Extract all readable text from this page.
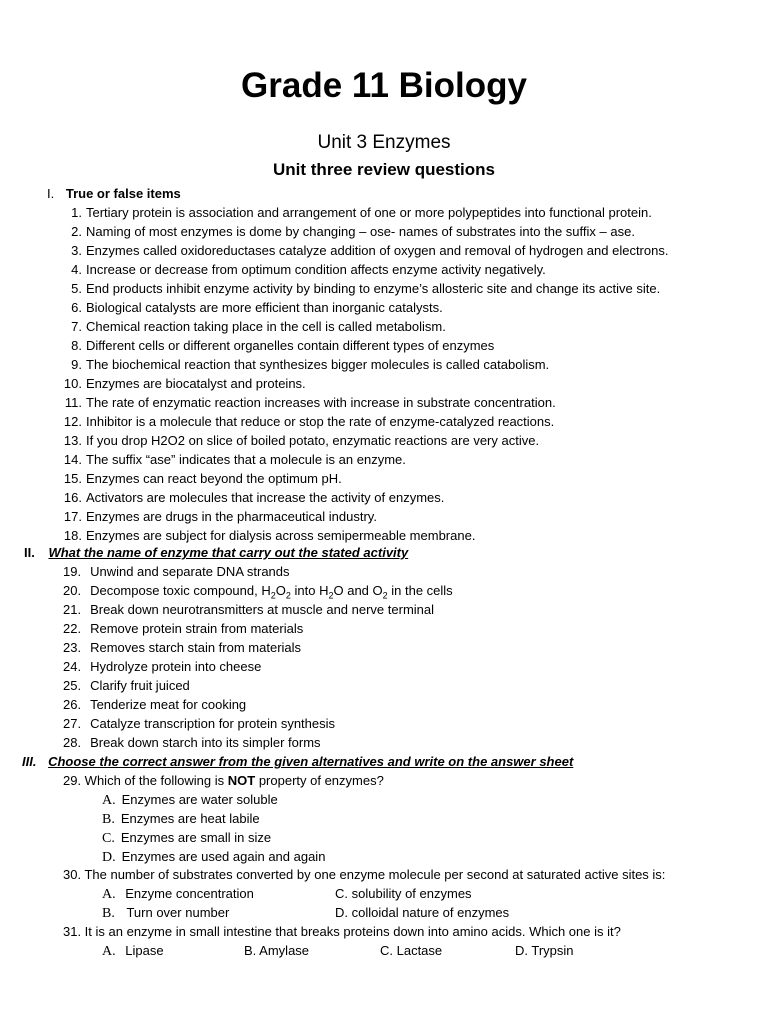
Grade 11 Biology
Unit 3 Enzymes
Unit three review questions
I. True or false items
1. Tertiary protein is association and arrangement of one or more polypeptides into functional protein.
2. Naming of most enzymes is dome by changing – ose- names of substrates into the suffix – ase.
3. Enzymes called oxidoreductases catalyze addition of oxygen and removal of hydrogen and electrons.
4. Increase or decrease from optimum condition affects enzyme activity negatively.
5. End products inhibit enzyme activity by binding to enzyme’s allosteric site and change its active site.
6. Biological catalysts are more efficient than inorganic catalysts.
7. Chemical reaction taking place in the cell is called metabolism.
8. Different cells or different organelles contain different types of enzymes
9. The biochemical reaction that synthesizes bigger molecules is called catabolism.
10. Enzymes are biocatalyst and proteins.
11. The rate of enzymatic reaction increases with increase in substrate concentration.
12. Inhibitor is a molecule that reduce or stop the rate of enzyme-catalyzed reactions.
13. If you drop H2O2 on slice of boiled potato, enzymatic reactions are very active.
14. The suffix “ase” indicates that a molecule is an enzyme.
15. Enzymes can react beyond the optimum pH.
16. Activators are molecules that increase the activity of enzymes.
17. Enzymes are drugs in the pharmaceutical industry.
18. Enzymes are subject for dialysis across semipermeable membrane.
II. What the name of enzyme that carry out the stated activity
19. Unwind and separate DNA strands
20. Decompose toxic compound, $H_2O_2$ into $H_2O$ and $O_2$ in the cells
21. Break down neurotransmitters at muscle and nerve terminal
22. Remove protein strain from materials
23. Removes starch stain from materials
24. Hydrolyze protein into cheese
25. Clarify fruit juiced
26. Tenderize meat for cooking
27. Catalyze transcription for protein synthesis
28. Break down starch into its simpler forms
III. Choose the correct answer from the given alternatives and write on the answer sheet
29. Which of the following is NOT property of enzymes?
A. Enzymes are water soluble
B. Enzymes are heat labile
C. Enzymes are small in size
D. Enzymes are used again and again
30. The number of substrates converted by one enzyme molecule per second at saturated active sites is:
A. Enzyme concentration	C. solubility of enzymes
B. Turn over number	D. colloidal nature of enzymes
31. It is an enzyme in small intestine that breaks proteins down into amino acids. Which one is it?
A. Lipase	B. Amylase	C. Lactase	D. Trypsin
